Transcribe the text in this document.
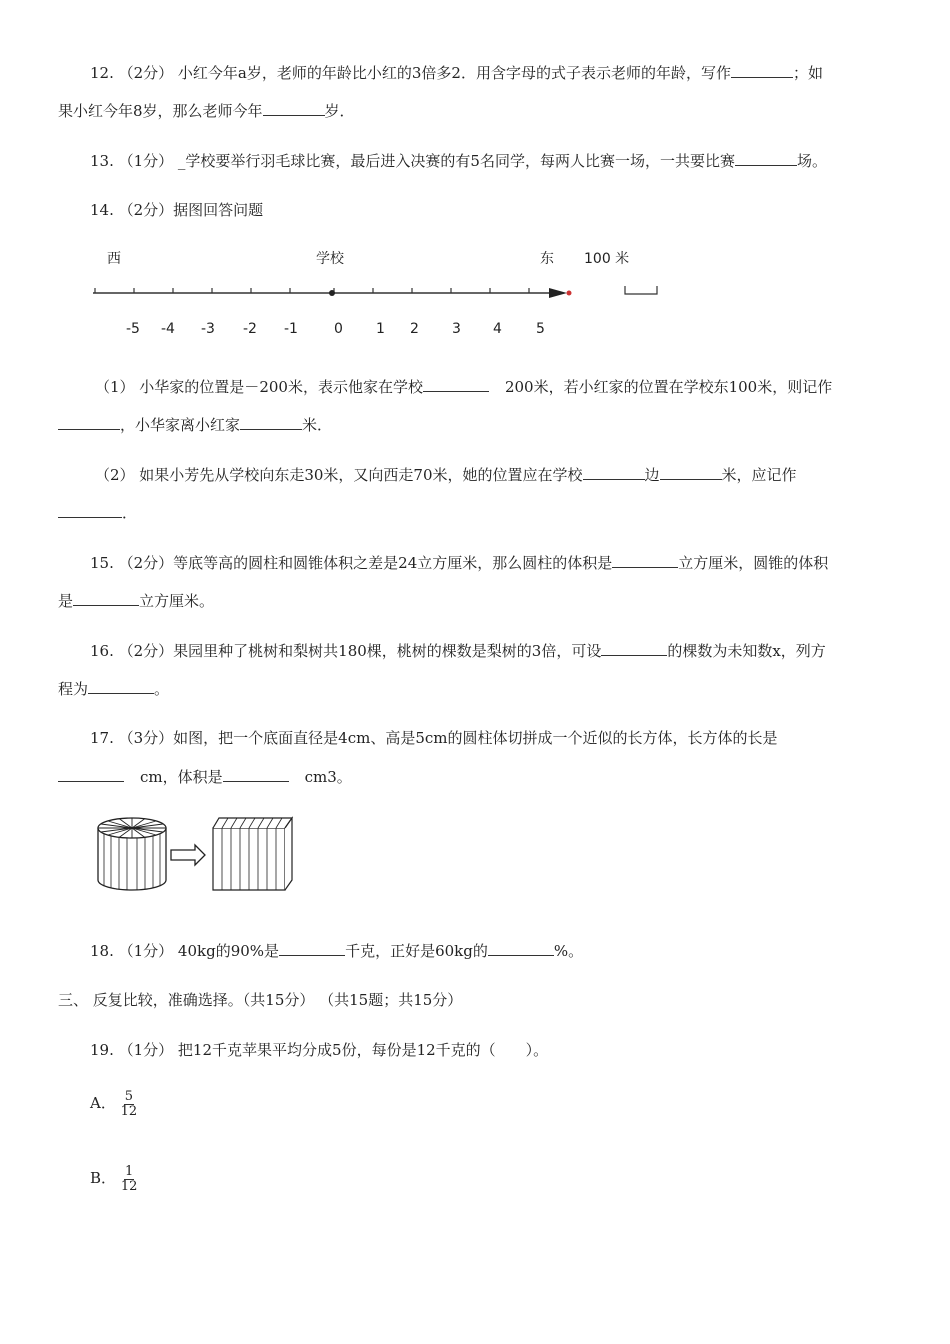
12. （2分） 小红今年a岁，老师的年龄比小红的3倍多2．用含字母的式子表示老师的年龄，写作	；如
果小红今年8岁，那么老师今年	岁．
13. （1分） _学校要举行羽毛球比赛，最后进入决赛的有5名同学，每两人比赛一场，一共要比赛	场。
14. （2分）据图回答问题
西	学校	东 100 米
-5 -4 -3 -2 -1	0 1 2 3 4 5
（1） 小华家的位置是－200米，表示他家在学校	200米，若小红家的位置在学校东100米，则记作
，小华家离小红家	米．
（2） 如果小芳先从学校向东走30米，又向西走70米，她的位置应在学校	边	米，应记作
．
15. （2分）等底等高的圆柱和圆锥体积之差是24立方厘米，那么圆柱的体积是	立方厘米，圆锥的体积
是	立方厘米。
16. （2分）果园里种了桃树和梨树共180棵，桃树的棵数是梨树的3倍，可设	的棵数为未知数x，列方
程为	。
17. （3分）如图，把一个底面直径是4cm、高是5cm的圆柱体切拼成一个近似的长方体，长方体的长是
cm，体积是	cm3。
18. （1分） 40kg的90%是	千克，正好是60kg的	%。
三、 反复比较，准确选择。（共15分） （共15题；共15分）
19. （1分） 把12千克苹果平均分成5份，每份是12千克的（　　）。
A． $\frac{5}{12}$
B． $\frac{1}{12}$
